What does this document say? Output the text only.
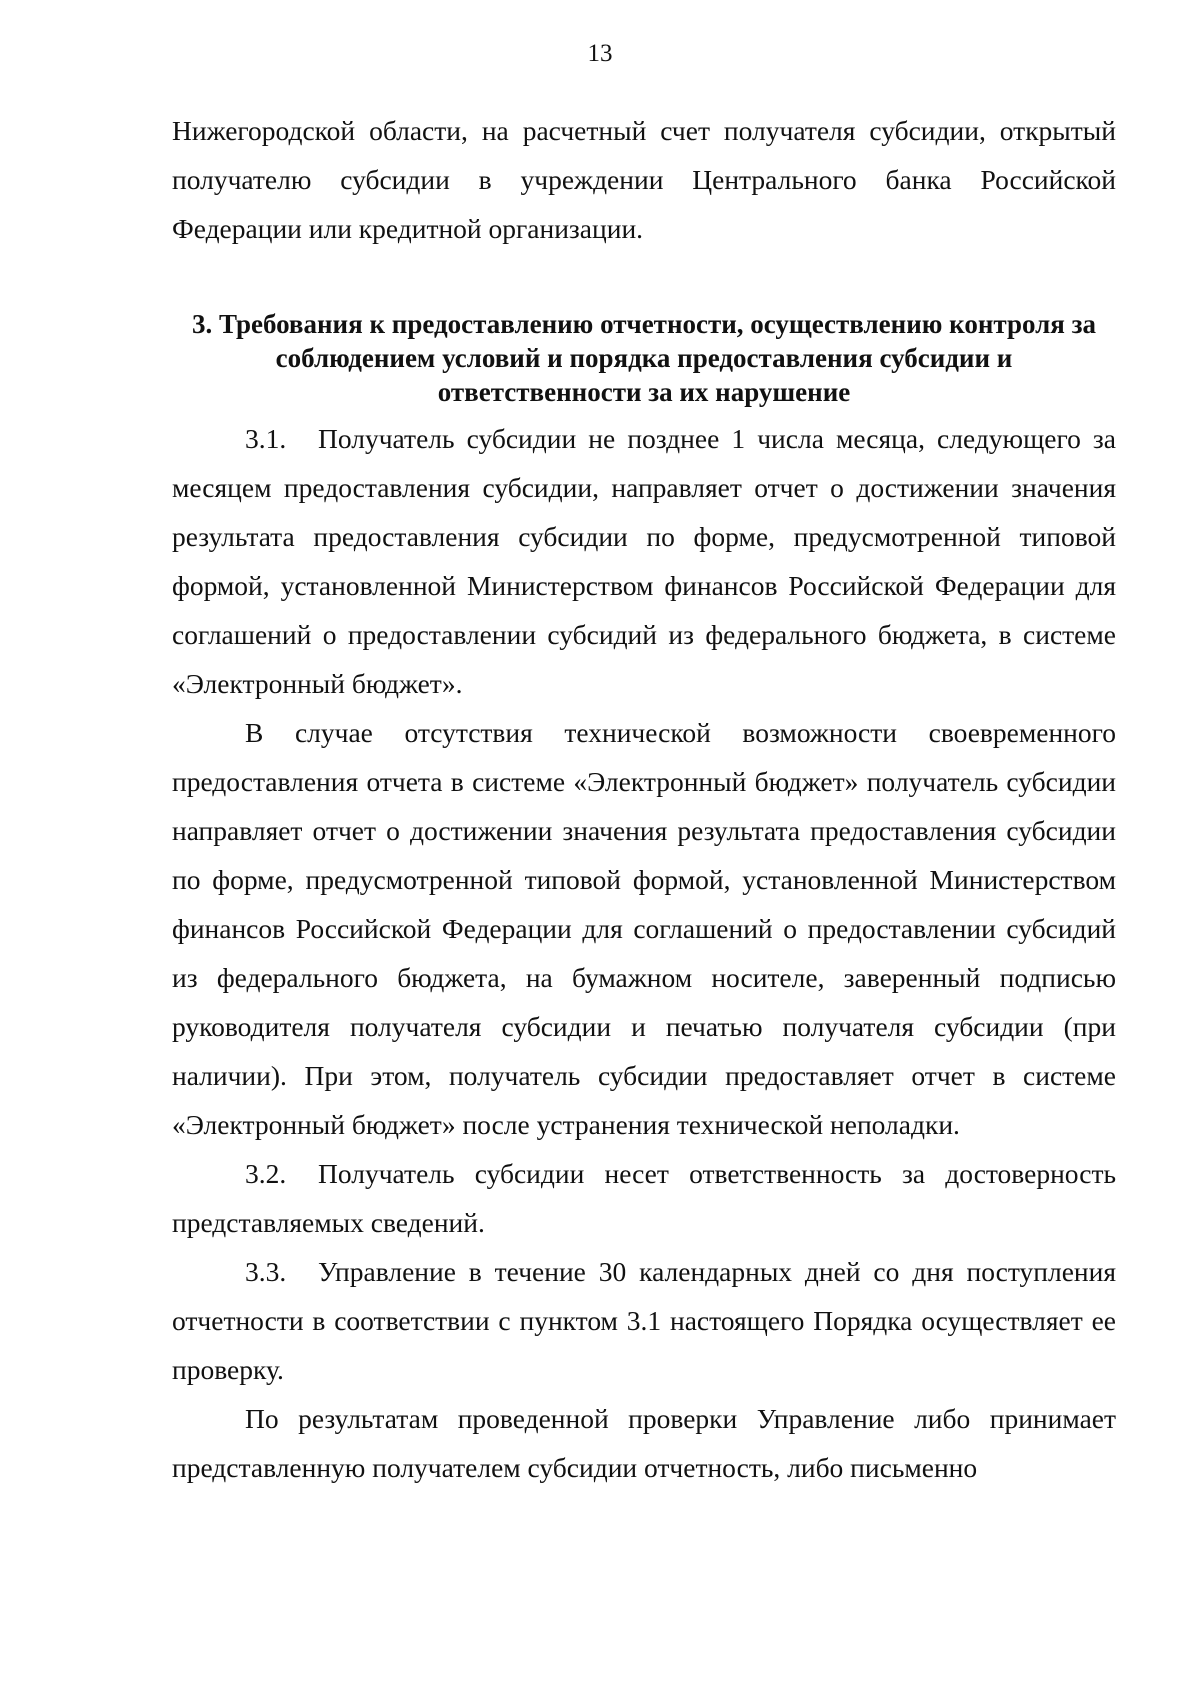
13

Нижегородской области, на расчетный счет получателя субсидии, открытый получателю субсидии в учреждении Центрального банка Российской Федерации или кредитной организации.

3. Требования к предоставлению отчетности, осуществлению контроля за соблюдением условий и порядка предоставления субсидии и ответственности за их нарушение

3.1. Получатель субсидии не позднее 1 числа месяца, следующего за месяцем предоставления субсидии, направляет отчет о достижении значения результата предоставления субсидии по форме, предусмотренной типовой формой, установленной Министерством финансов Российской Федерации для соглашений о предоставлении субсидий из федерального бюджета, в системе «Электронный бюджет».

В случае отсутствия технической возможности своевременного предоставления отчета в системе «Электронный бюджет» получатель субсидии направляет отчет о достижении значения результата предоставления субсидии по форме, предусмотренной типовой формой, установленной Министерством финансов Российской Федерации для соглашений о предоставлении субсидий из федерального бюджета, на бумажном носителе, заверенный подписью руководителя получателя субсидии и печатью получателя субсидии (при наличии). При этом, получатель субсидии предоставляет отчет в системе «Электронный бюджет» после устранения технической неполадки.

3.2. Получатель субсидии несет ответственность за достоверность представляемых сведений.

3.3. Управление в течение 30 календарных дней со дня поступления отчетности в соответствии с пунктом 3.1 настоящего Порядка осуществляет ее проверку.

По результатам проведенной проверки Управление либо принимает представленную получателем субсидии отчетность, либо письменно
